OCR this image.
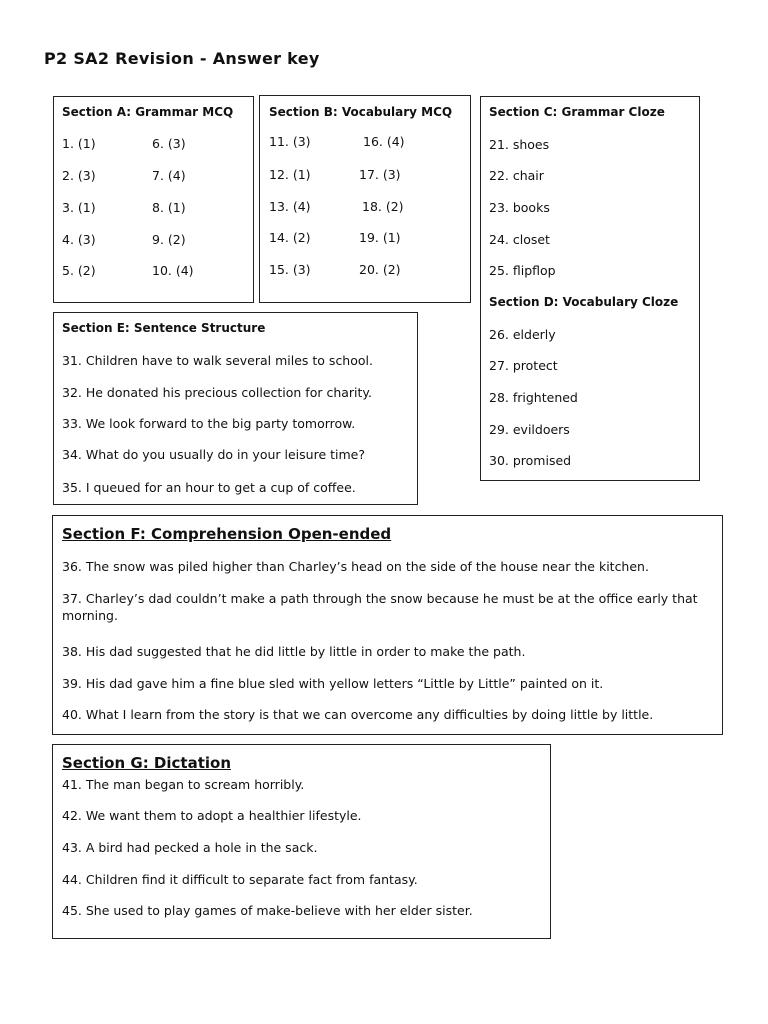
P2 SA2 Revision - Answer key
Section A: Grammar MCQ
1. (1)
2. (3)
3. (1)
4. (3)
5. (2)
6. (3)
7. (4)
8. (1)
9. (2)
10. (4)
Section B: Vocabulary MCQ
11. (3)
12. (1)
13. (4)
14. (2)
15. (3)
16. (4)
17. (3)
18. (2)
19. (1)
20. (2)
Section C: Grammar Cloze
21. shoes
22. chair
23. books
24. closet
25. flipflop
Section D: Vocabulary Cloze
26. elderly
27. protect
28. frightened
29. evildoers
30. promised
Section E: Sentence Structure
31. Children have to walk several miles to school.
32. He donated his precious collection for charity.
33. We look forward to the big party tomorrow.
34. What do you usually do in your leisure time?
35. I queued for an hour to get a cup of coffee.
Section F: Comprehension Open-ended
36. The snow was piled higher than Charley’s head on the side of the house near the kitchen.
37. Charley’s dad couldn’t make a path through the snow because he must be at the office early that morning.
38. His dad suggested that he did little by little in order to make the path.
39. His dad gave him a fine blue sled with yellow letters “Little by Little” painted on it.
40. What I learn from the story is that we can overcome any difficulties by doing little by little.
Section G: Dictation
41. The man began to scream horribly.
42. We want them to adopt a healthier lifestyle.
43. A bird had pecked a hole in the sack.
44. Children find it difficult to separate fact from fantasy.
45. She used to play games of make-believe with her elder sister.
